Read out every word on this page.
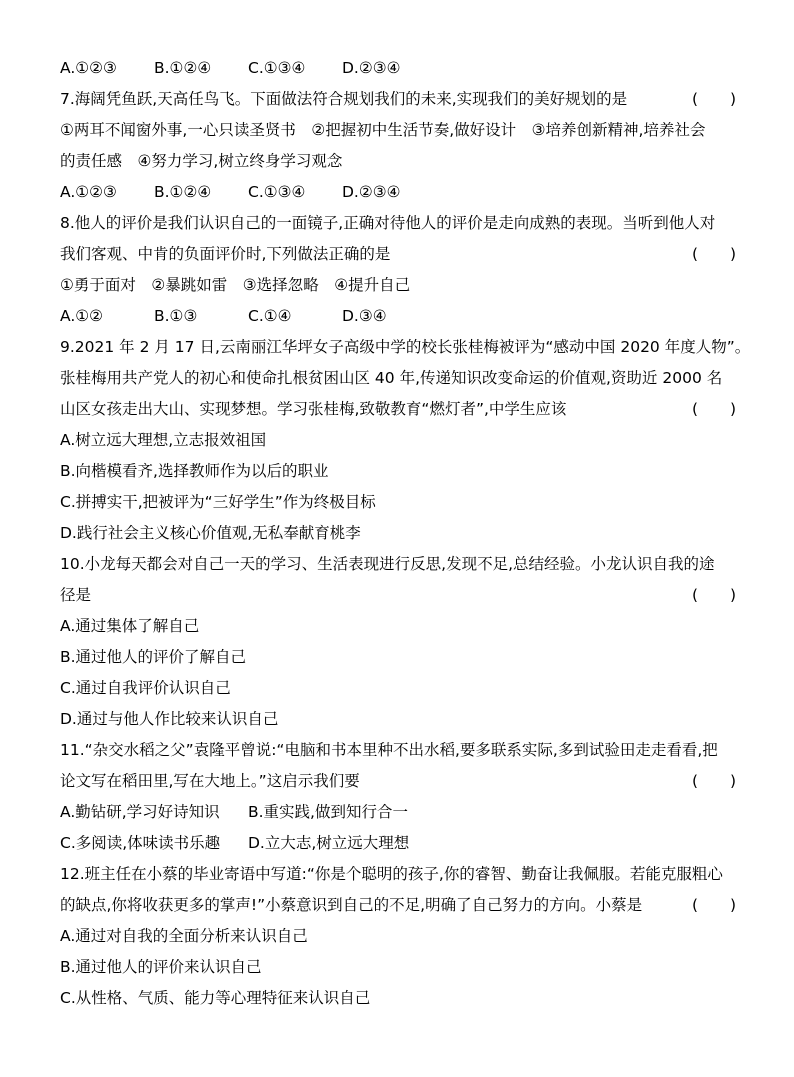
A.①②③ B.①②④ C.①③④ D.②③④
7.海阔凭鱼跃,天高任鸟飞。下面做法符合规划我们的未来,实现我们的美好规划的是	( )
①两耳不闻窗外事,一心只读圣贤书　②把握初中生活节奏,做好设计　③培养创新精神,培养社会
的责任感　④努力学习,树立终身学习观念
A.①②③ B.①②④ C.①③④ D.②③④
8.他人的评价是我们认识自己的一面镜子,正确对待他人的评价是走向成熟的表现。当听到他人对
我们客观、中肯的负面评价时,下列做法正确的是	( )
①勇于面对　②暴跳如雷　③选择忽略　④提升自己
A.①②	B.①③	C.①④	D.③④
9.2021 年 2 月 17 日,云南丽江华坪女子高级中学的校长张桂梅被评为“感动中国 2020 年度人物”。
张桂梅用共产党人的初心和使命扎根贫困山区 40 年,传递知识改变命运的价值观,资助近 2000 名
山区女孩走出大山、实现梦想。学习张桂梅,致敬教育“燃灯者”,中学生应该	( )
A.树立远大理想,立志报效祖国
B.向楷模看齐,选择教师作为以后的职业
C.拼搏实干,把被评为“三好学生”作为终极目标
D.践行社会主义核心价值观,无私奉献育桃李
10.小龙每天都会对自己一天的学习、生活表现进行反思,发现不足,总结经验。小龙认识自我的途
径是	( )
A.通过集体了解自己
B.通过他人的评价了解自己
C.通过自我评价认识自己
D.通过与他人作比较来认识自己
11.“杂交水稻之父”袁隆平曾说:“电脑和书本里种不出水稻,要多联系实际,多到试验田走走看看,把
论文写在稻田里,写在大地上。”这启示我们要	( )
A.勤钻研,学习好诗知识 B.重实践,做到知行合一
C.多阅读,体味读书乐趣 D.立大志,树立远大理想
12.班主任在小蔡的毕业寄语中写道:“你是个聪明的孩子,你的睿智、勤奋让我佩服。若能克服粗心
的缺点,你将收获更多的掌声!”小蔡意识到自己的不足,明确了自己努力的方向。小蔡是	( )
A.通过对自我的全面分析来认识自己
B.通过他人的评价来认识自己
C.从性格、气质、能力等心理特征来认识自己
